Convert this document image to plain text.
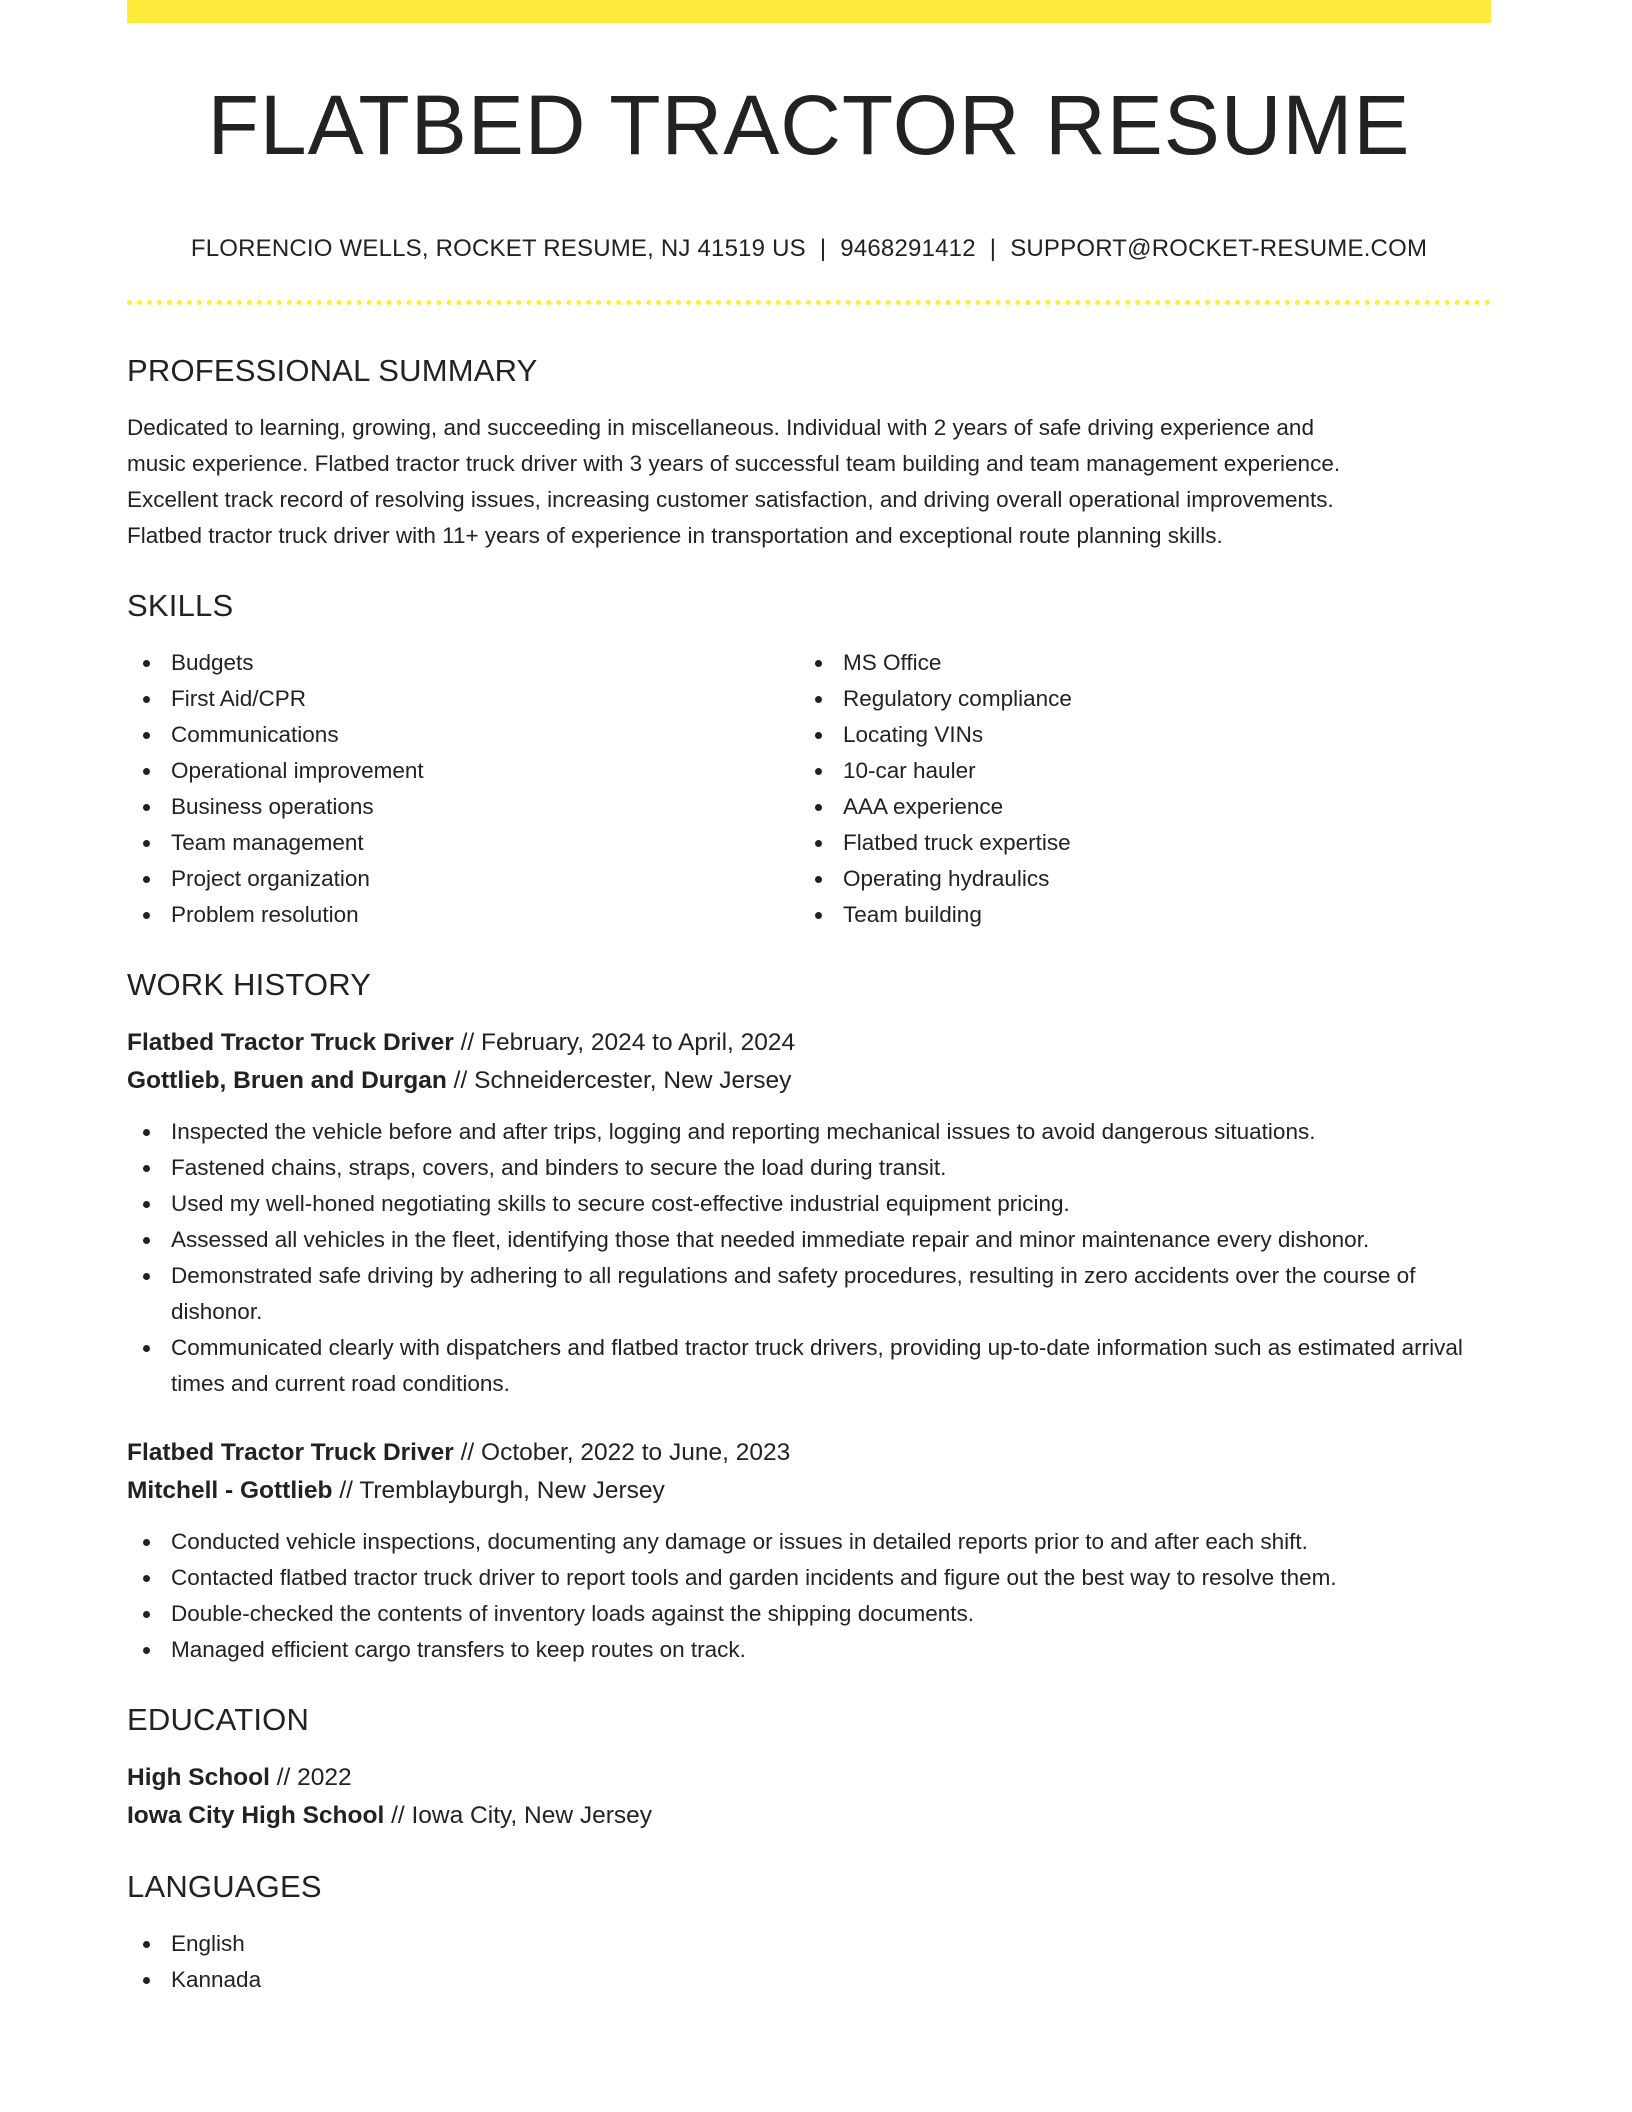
FLATBED TRACTOR RESUME
FLORENCIO WELLS, ROCKET RESUME, NJ 41519 US | 9468291412 | SUPPORT@ROCKET-RESUME.COM
PROFESSIONAL SUMMARY

Dedicated to learning, growing, and succeeding in miscellaneous. Individual with 2 years of safe driving experience and

music experience. Flatbed tractor truck driver with 3 years of successful team building and team management experience.

Excellent track record of resolving issues, increasing customer satisfaction, and driving overall operational improvements.

Flatbed tractor truck driver with 11+ years of experience in transportation and exceptional route planning skills.

SKILLS
Budgets
First Aid/CPR
Communications
Operational improvement
Business operations
Team management
Project organization
Problem resolution
MS Office
Regulatory compliance
Locating VINs
10-car hauler
AAA experience
Flatbed truck expertise
Operating hydraulics
Team building
WORK HISTORY
Flatbed Tractor Truck Driver // February, 2024 to April, 2024
Gottlieb, Bruen and Durgan // Schneidercester, New Jersey
Inspected the vehicle before and after trips, logging and reporting mechanical issues to avoid dangerous situations.
Fastened chains, straps, covers, and binders to secure the load during transit.
Used my well-honed negotiating skills to secure cost-effective industrial equipment pricing.
Assessed all vehicles in the fleet, identifying those that needed immediate repair and minor maintenance every dishonor.
Demonstrated safe driving by adhering to all regulations and safety procedures, resulting in zero accidents over the course of dishonor.
Communicated clearly with dispatchers and flatbed tractor truck drivers, providing up-to-date information such as estimated arrival times and current road conditions.
Flatbed Tractor Truck Driver // October, 2022 to June, 2023
Mitchell - Gottlieb // Tremblayburgh, New Jersey
Conducted vehicle inspections, documenting any damage or issues in detailed reports prior to and after each shift.
Contacted flatbed tractor truck driver to report tools and garden incidents and figure out the best way to resolve them.
Double-checked the contents of inventory loads against the shipping documents.
Managed efficient cargo transfers to keep routes on track.
EDUCATION
High School // 2022
Iowa City High School // Iowa City, New Jersey
LANGUAGES
English
Kannada
